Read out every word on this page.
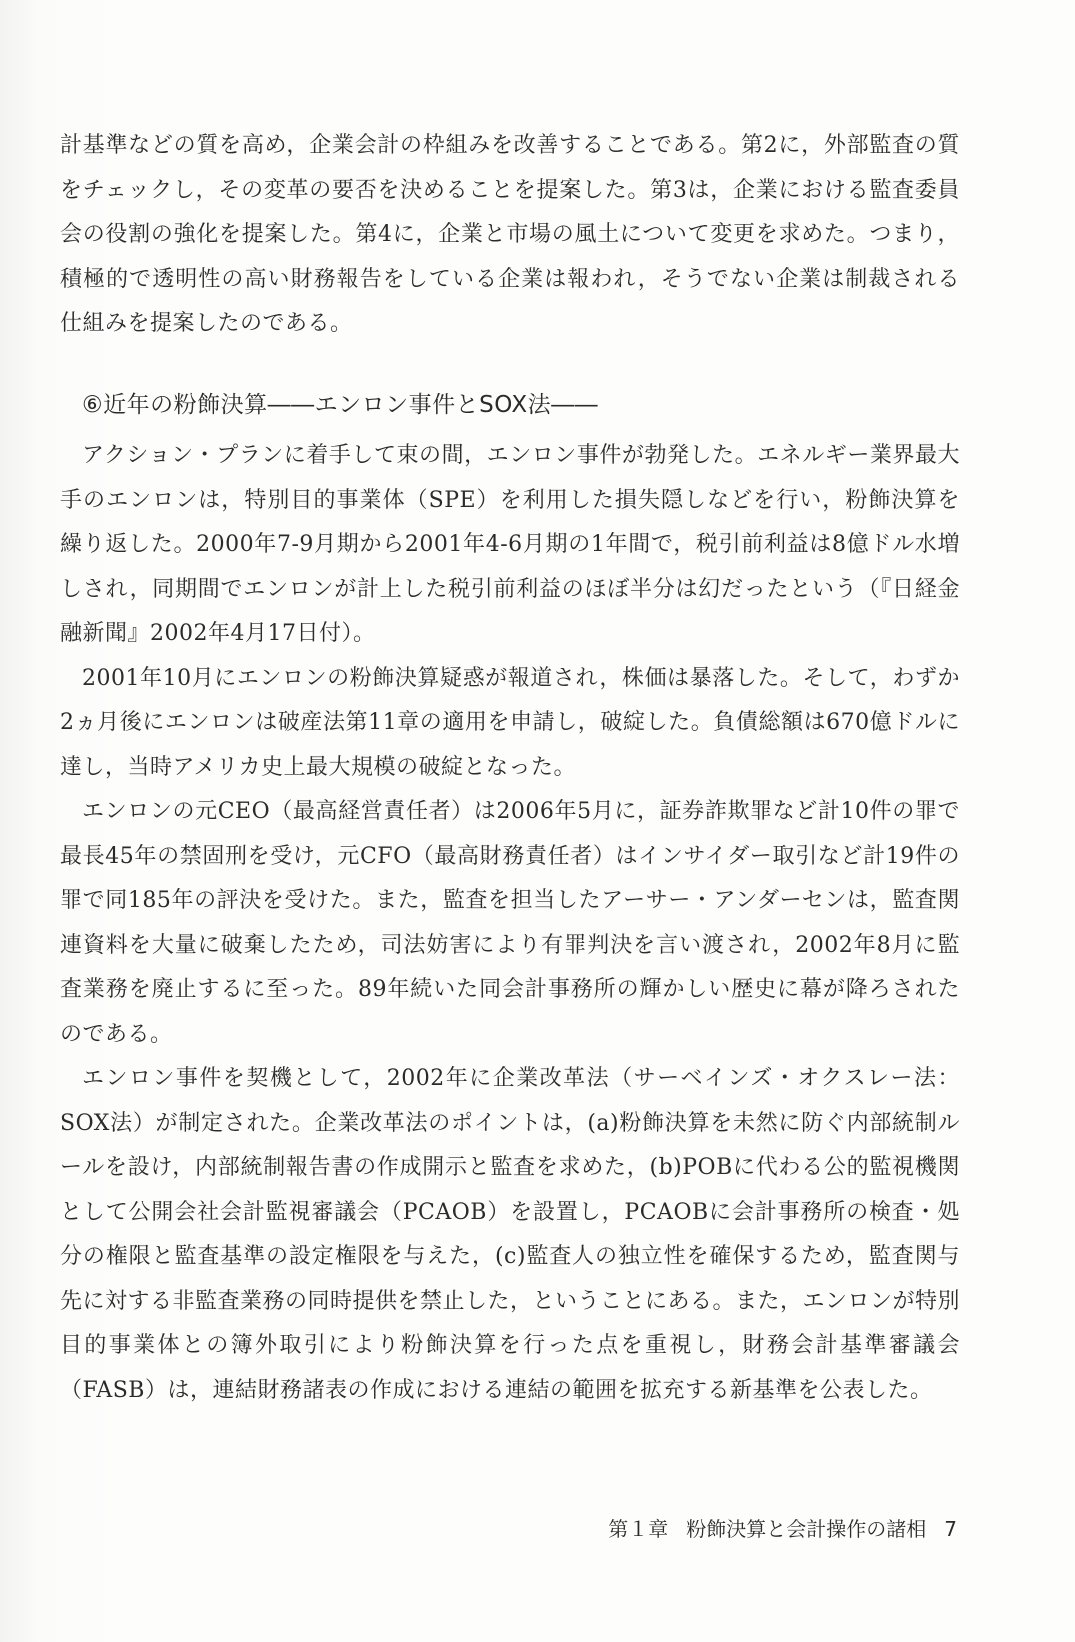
計基準などの質を高め，企業会計の枠組みを改善することである。第2に，外部監査の質をチェックし，その変革の要否を決めることを提案した。第3は，企業における監査委員会の役割の強化を提案した。第4に，企業と市場の風土について変更を求めた。つまり，積極的で透明性の高い財務報告をしている企業は報われ，そうでない企業は制裁される仕組みを提案したのである。

⑥近年の粉飾決算――エンロン事件とSOX法――

アクション・プランに着手して束の間，エンロン事件が勃発した。エネルギー業界最大手のエンロンは，特別目的事業体（SPE）を利用した損失隠しなどを行い，粉飾決算を繰り返した。2000年7-9月期から2001年4-6月期の1年間で，税引前利益は8億ドル水増しされ，同期間でエンロンが計上した税引前利益のほぼ半分は幻だったという（『日経金融新聞』2002年4月17日付）。

2001年10月にエンロンの粉飾決算疑惑が報道され，株価は暴落した。そして，わずか2ヵ月後にエンロンは破産法第11章の適用を申請し，破綻した。負債総額は670億ドルに達し，当時アメリカ史上最大規模の破綻となった。

エンロンの元CEO（最高経営責任者）は2006年5月に，証券詐欺罪など計10件の罪で最長45年の禁固刑を受け，元CFO（最高財務責任者）はインサイダー取引など計19件の罪で同185年の評決を受けた。また，監査を担当したアーサー・アンダーセンは，監査関連資料を大量に破棄したため，司法妨害により有罪判決を言い渡され，2002年8月に監査業務を廃止するに至った。89年続いた同会計事務所の輝かしい歴史に幕が降ろされたのである。

エンロン事件を契機として，2002年に企業改革法（サーベインズ・オクスレー法：SOX法）が制定された。企業改革法のポイントは，(a)粉飾決算を未然に防ぐ内部統制ルールを設け，内部統制報告書の作成開示と監査を求めた，(b)POBに代わる公的監視機関として公開会社会計監視審議会（PCAOB）を設置し，PCAOBに会計事務所の検査・処分の権限と監査基準の設定権限を与えた，(c)監査人の独立性を確保するため，監査関与先に対する非監査業務の同時提供を禁止した，ということにある。また，エンロンが特別目的事業体との簿外取引により粉飾決算を行った点を重視し，財務会計基準審議会（FASB）は，連結財務諸表の作成における連結の範囲を拡充する新基準を公表した。

第１章 粉飾決算と会計操作の諸相 7
